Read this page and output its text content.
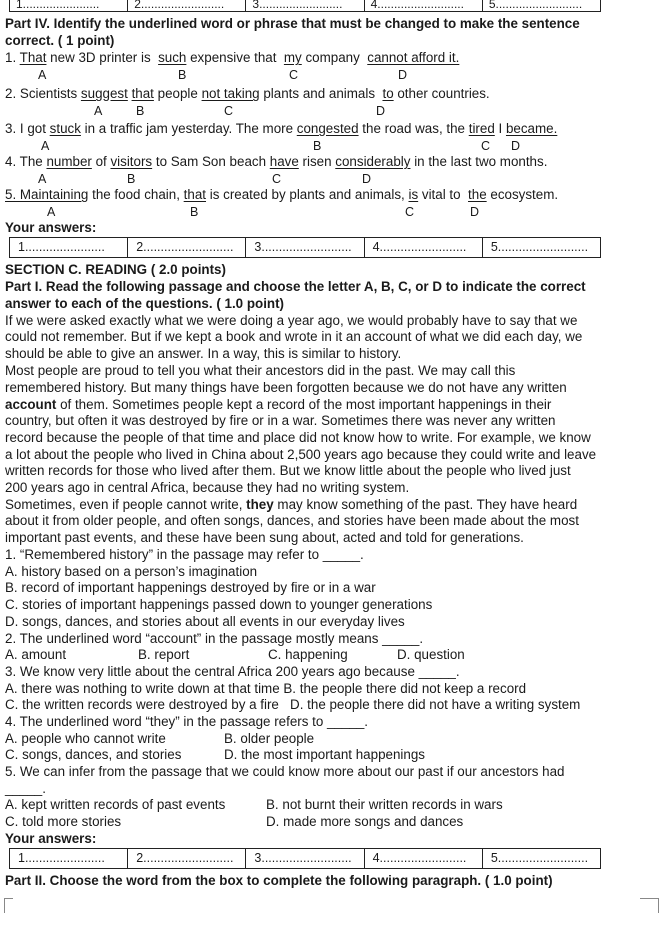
1.......................	2.........................	3.........................	4..........................	5..........................
Part IV. Identify the underlined word or phrase that must be changed to make the sentence
correct. ( 1 point)
1. That new 3D printer is  such expensive that  my company  cannot afford it.
A	B	C	D
2. Scientists suggest that people not taking plants and animals  to other countries.
A	B	C	D
3. I got stuck in a traffic jam yesterday. The more congested the road was, the tired I became.
A	B	C D
4. The number of visitors to Sam Son beach have risen considerably in the last two months.
A	B	C	D
5. Maintaining the food chain, that is created by plants and animals, is vital to  the ecosystem.
A	B	C	D
Your answers:
1.......................	2..........................	3..........................	4.........................	5..........................
SECTION C. READING ( 2.0 points)
Part I. Read the following passage and choose the letter A, B, C, or D to indicate the correct
answer to each of the questions. ( 1.0 point)
If we were asked exactly what we were doing a year ago, we would probably have to say that we
could not remember. But if we kept a book and wrote in it an account of what we did each day, we
should be able to give an answer. In a way, this is similar to history.
Most people are proud to tell you what their ancestors did in the past. We may call this
remembered history. But many things have been forgotten because we do not have any written
account of them. Sometimes people kept a record of the most important happenings in their
country, but often it was destroyed by fire or in a war. Sometimes there was never any written
record because the people of that time and place did not know how to write. For example, we know
a lot about the people who lived in China about 2,500 years ago because they could write and leave
written records for those who lived after them. But we know little about the people who lived just
200 years ago in central Africa, because they had no writing system.
Sometimes, even if people cannot write, they may know something of the past. They have heard
about it from older people, and often songs, dances, and stories have been made about the most
important past events, and these have been sung about, acted and told for generations.
1. “Remembered history” in the passage may refer to _____.
A. history based on a person’s imagination
B. record of important happenings destroyed by fire or in a war
C. stories of important happenings passed down to younger generations
D. songs, dances, and stories about all events in our everyday lives
2. The underlined word “account” in the passage mostly means _____.
A. amount	B. report	C. happening	D. question
3. We know very little about the central Africa 200 years ago because _____.
A. there was nothing to write down at that time B. the people there did not keep a record
C. the written records were destroyed by a fire   D. the people there did not have a writing system
4. The underlined word “they” in the passage refers to _____.
A. people who cannot write	B. older people
C. songs, dances, and stories	D. the most important happenings
5. We can infer from the passage that we could know more about our past if our ancestors had
_____.
A. kept written records of past events	B. not burnt their written records in wars
C. told more stories	D. made more songs and dances
Your answers:
1.......................	2..........................	3..........................	4.........................	5..........................
Part II. Choose the word from the box to complete the following paragraph. ( 1.0 point)
